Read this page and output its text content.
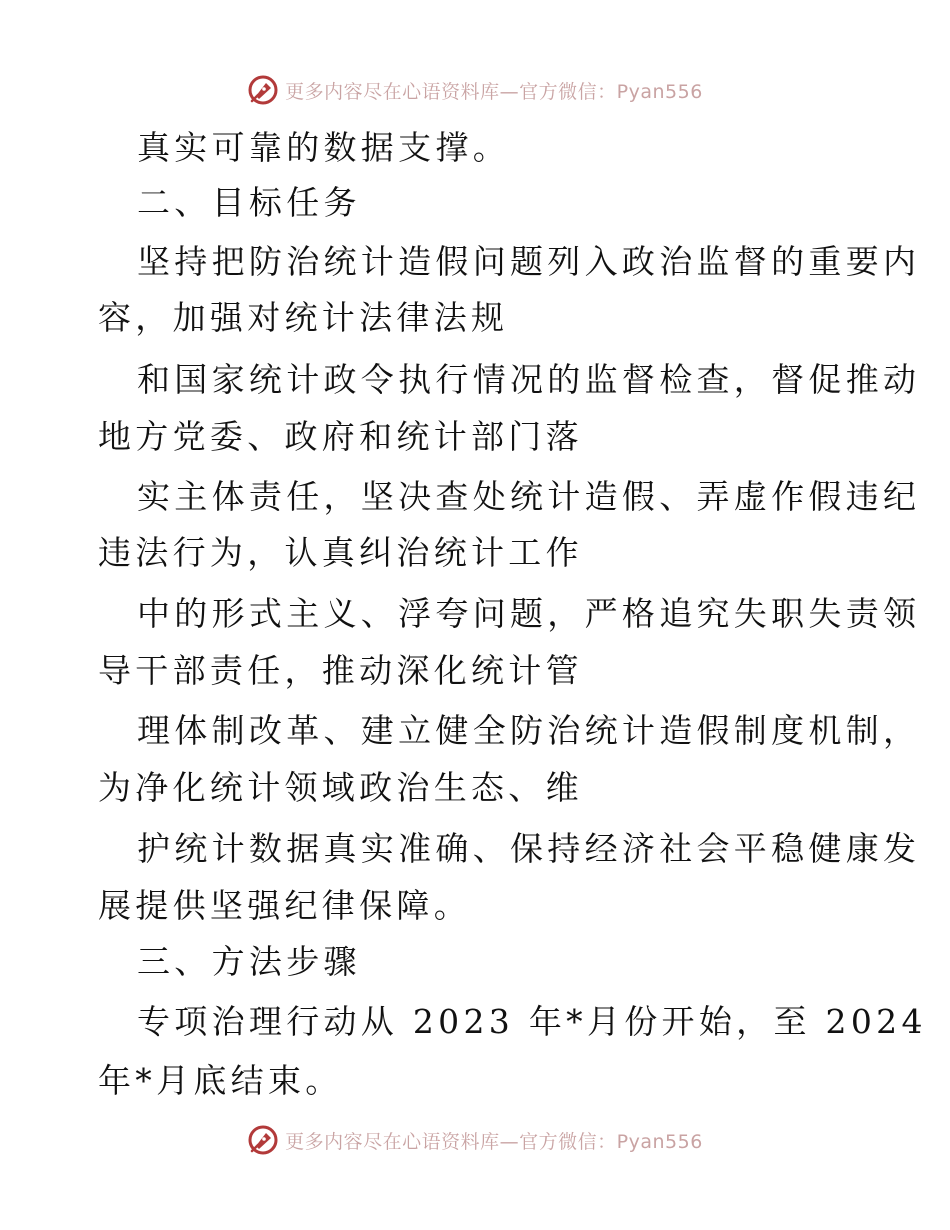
更多内容尽在心语资料库—官方微信：Pyan556
真实可靠的数据支撑。
二、目标任务
坚持把防治统计造假问题列入政治监督的重要内
容，加强对统计法律法规
和国家统计政令执行情况的监督检查，督促推动
地方党委、政府和统计部门落
实主体责任，坚决查处统计造假、弄虚作假违纪
违法行为，认真纠治统计工作
中的形式主义、浮夸问题，严格追究失职失责领
导干部责任，推动深化统计管
理体制改革、建立健全防治统计造假制度机制，
为净化统计领域政治生态、维
护统计数据真实准确、保持经济社会平稳健康发
展提供坚强纪律保障。
三、方法步骤
专项治理行动从 2023 年*月份开始，至 2024
年*月底结束。
更多内容尽在心语资料库—官方微信：Pyan556
